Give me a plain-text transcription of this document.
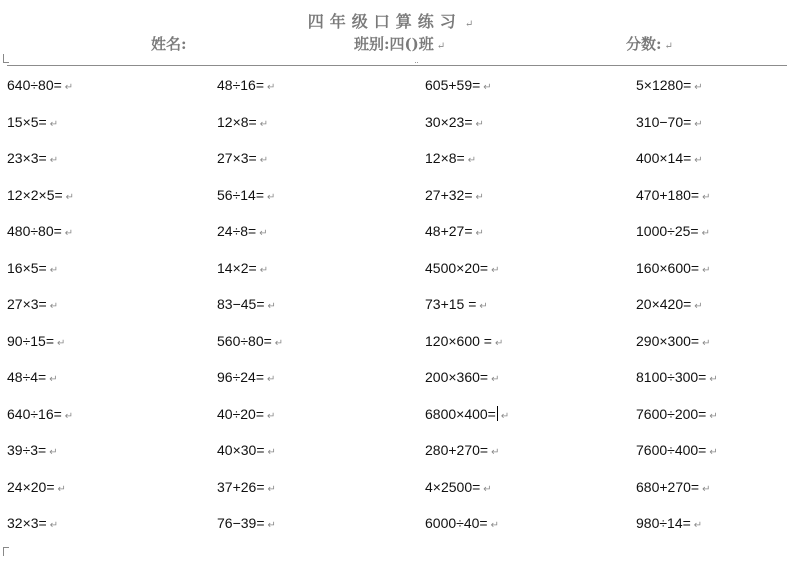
四年级口算练习 ↵
姓名:	班别:四()班 ↵	分数: ↵
640÷80= ↵	48÷16= ↵	605+59= ↵	5×1280= ↵
15×5= ↵	12×8= ↵	30×23= ↵	310−70= ↵
23×3= ↵	27×3= ↵	12×8= ↵	400×14= ↵
12×2×5= ↵	56÷14= ↵	27+32= ↵	470+180= ↵
480÷80= ↵	24÷8= ↵	48+27= ↵	1000÷25= ↵
16×5= ↵	14×2= ↵	4500×20= ↵	160×600= ↵
27×3= ↵	83−45= ↵	73+15 = ↵	20×420= ↵
90÷15= ↵	560÷80= ↵	120×600 = ↵	290×300= ↵
48÷4= ↵	96÷24= ↵	200×360= ↵	8100÷300= ↵
640÷16= ↵	40÷20= ↵	6800×400= ↵	7600÷200= ↵
39÷3= ↵	40×30= ↵	280+270= ↵	7600÷400= ↵
24×20= ↵	37+26= ↵	4×2500= ↵	680+270= ↵
32×3= ↵	76−39= ↵	6000÷40= ↵	980÷14= ↵
